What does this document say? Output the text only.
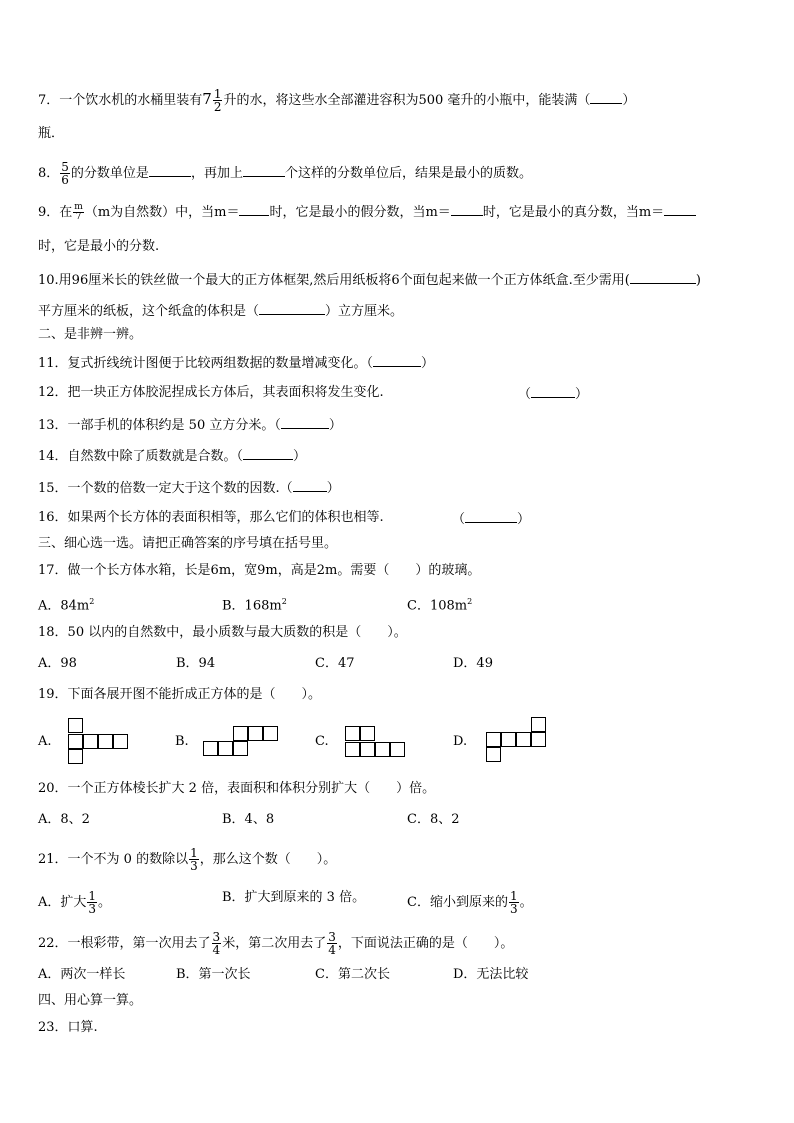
7．一个饮水机的水桶里装有$7 \frac{1}{2}$ 升的水，将这些水全部灌进容积为500 毫升的小瓶中，能装满（ ）
瓶．
8． $\frac{5}{6}$ 的分数单位是	，再加上	个这样的分数单位后，结果是最小的质数。
9．在 $\frac{m}{7} (m$为自然数）中，当m＝ 时，它是最小的假分数，当m＝ 时，它是最小的真分数，当m＝
时，它是最小的分数.
10.用96厘米长的铁丝做一个最大的正方体框架,然后用纸板将6个面包起来做一个正方体纸盒.至少需用(	)
平方厘米的纸板，这个纸盒的体积是（	）立方厘米。
二、是非辨一辨。
11．复式折线统计图便于比较两组数据的数量增减变化。（	）
12．把一块正方体胶泥捏成长方体后，其表面积将发生变化.	（	）
13．一部手机的体积约是 50 立方分米。（	）
14．自然数中除了质数就是合数。（	）
15．一个数的倍数一定大于这个数的因数.（	）
16．如果两个长方体的表面积相等，那么它们的体积也相等.	（	）
三、细心选一选。请把正确答案的序号填在括号里。
17．做一个长方体水箱，长是6m，宽9m，高是2m。需要（　　）的玻璃。
A．$84m^2$	B．$168m^2$	C．$108m^2$
18．50 以内的自然数中，最小质数与最大质数的积是（　　）。
A．98	B．94	C．47	D．49
19．下面各展开图不能折成正方体的是（　　）。
A.	B.	C.	D.
20．一个正方体棱长扩大 2 倍，表面积和体积分别扩大（　　）倍。
A．8、2	B．4、8	C．8、2
21．一个不为 0 的数除以 $\frac{1}{3}$ ，那么这个数（　　）。
A．扩大 $\frac{1}{3}$ 。	B．扩大到原来的 3 倍。	C．缩小到原来的 $\frac{1}{3}$ 。
22．一根彩带，第一次用去了 $\frac{3}{4}$ 米，第二次用去了 $\frac{3}{4}$ ，下面说法正确的是（　　）。
A．两次一样长	B．第一次长	C．第二次长	D．无法比较
四、用心算一算。
23．口算.
